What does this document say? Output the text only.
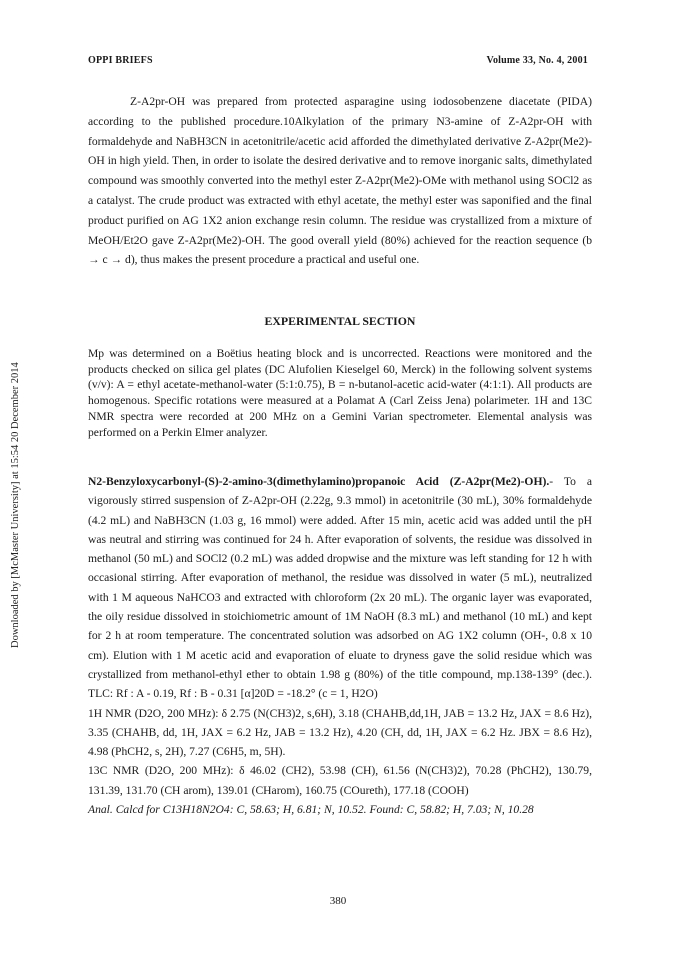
OPPI BRIEFS	Volume 33, No. 4, 2001
Downloaded by [McMaster University] at 15:54 20 December 2014

Z-A2pr-OH was prepared from protected asparagine using iodosobenzene diacetate (PIDA) according to the published procedure.10Alkylation of the primary N3-amine of Z-A2pr-OH with formaldehyde and NaBH3CN in acetonitrile/acetic acid afforded the dimethylated derivative Z-A2pr(Me2)-OH in high yield. Then, in order to isolate the desired derivative and to remove inorganic salts, dimethylated compound was smoothly converted into the methyl ester Z-A2pr(Me2)-OMe with methanol using SOCl2 as a catalyst. The crude product was extracted with ethyl acetate, the methyl ester was saponified and the final product purified on AG 1X2 anion exchange resin column. The residue was crystallized from a mixture of MeOH/Et2O gave Z-A2pr(Me2)-OH. The good overall yield (80%) achieved for the reaction sequence (b → c → d), thus makes the present procedure a practical and useful one.

EXPERIMENTAL SECTION
Mp was determined on a Boëtius heating block and is uncorrected. Reactions were monitored and the products checked on silica gel plates (DC Alufolien Kieselgel 60, Merck) in the following solvent systems (v/v): A = ethyl acetate-methanol-water (5:1:0.75), B = n-butanol-acetic acid-water (4:1:1). All products are homogenous. Specific rotations were measured at a Polamat A (Carl Zeiss Jena) polarimeter. 1H and 13C NMR spectra were recorded at 200 MHz on a Gemini Varian spectrometer. Elemental analysis was performed on a Perkin Elmer analyzer.
N2-Benzyloxycarbonyl-(S)-2-amino-3(dimethylamino)propanoic Acid (Z-A2pr(Me2)-OH).- To a vigorously stirred suspension of Z-A2pr-OH (2.22g, 9.3 mmol) in acetonitrile (30 mL), 30% formaldehyde (4.2 mL) and NaBH3CN (1.03 g, 16 mmol) were added. After 15 min, acetic acid was added until the pH was neutral and stirring was continued for 24 h. After evaporation of solvents, the residue was dissolved in methanol (50 mL) and SOCl2 (0.2 mL) was added dropwise and the mixture was left standing for 12 h with occasional stirring. After evaporation of methanol, the residue was dissolved in water (5 mL), neutralized with 1 M aqueous NaHCO3 and extracted with chloroform (2x 20 mL). The organic layer was evaporated, the oily residue dissolved in stoichiometric amount of 1M NaOH (8.3 mL) and methanol (10 mL) and kept for 2 h at room temperature. The concentrated solution was adsorbed on AG 1X2 column (OH-, 0.8 x 10 cm). Elution with 1 M acetic acid and evaporation of eluate to dryness gave the solid residue which was crystallized from methanol-ethyl ether to obtain 1.98 g (80%) of the title compound, mp.138-139° (dec.). TLC: Rf : A - 0.19, Rf : B - 0.31 [α]20D = -18.2° (c = 1, H2O)
1H NMR (D2O, 200 MHz): δ 2.75 (N(CH3)2, s,6H), 3.18 (CHAHB,dd,1H, JAB = 13.2 Hz, JAX = 8.6 Hz), 3.35 (CHAHB, dd, 1H, JAX = 6.2 Hz, JAB = 13.2 Hz), 4.20 (CH, dd, 1H, JAX = 6.2 Hz. JBX = 8.6 Hz), 4.98 (PhCH2, s, 2H), 7.27 (C6H5, m, 5H).
13C NMR (D2O, 200 MHz): δ 46.02 (CH2), 53.98 (CH), 61.56 (N(CH3)2), 70.28 (PhCH2), 130.79, 131.39, 131.70 (CH arom), 139.01 (CHarom), 160.75 (COureth), 177.18 (COOH)
Anal. Calcd for C13H18N2O4: C, 58.63; H, 6.81; N, 10.52. Found: C, 58.82; H, 7.03; N, 10.28
380
